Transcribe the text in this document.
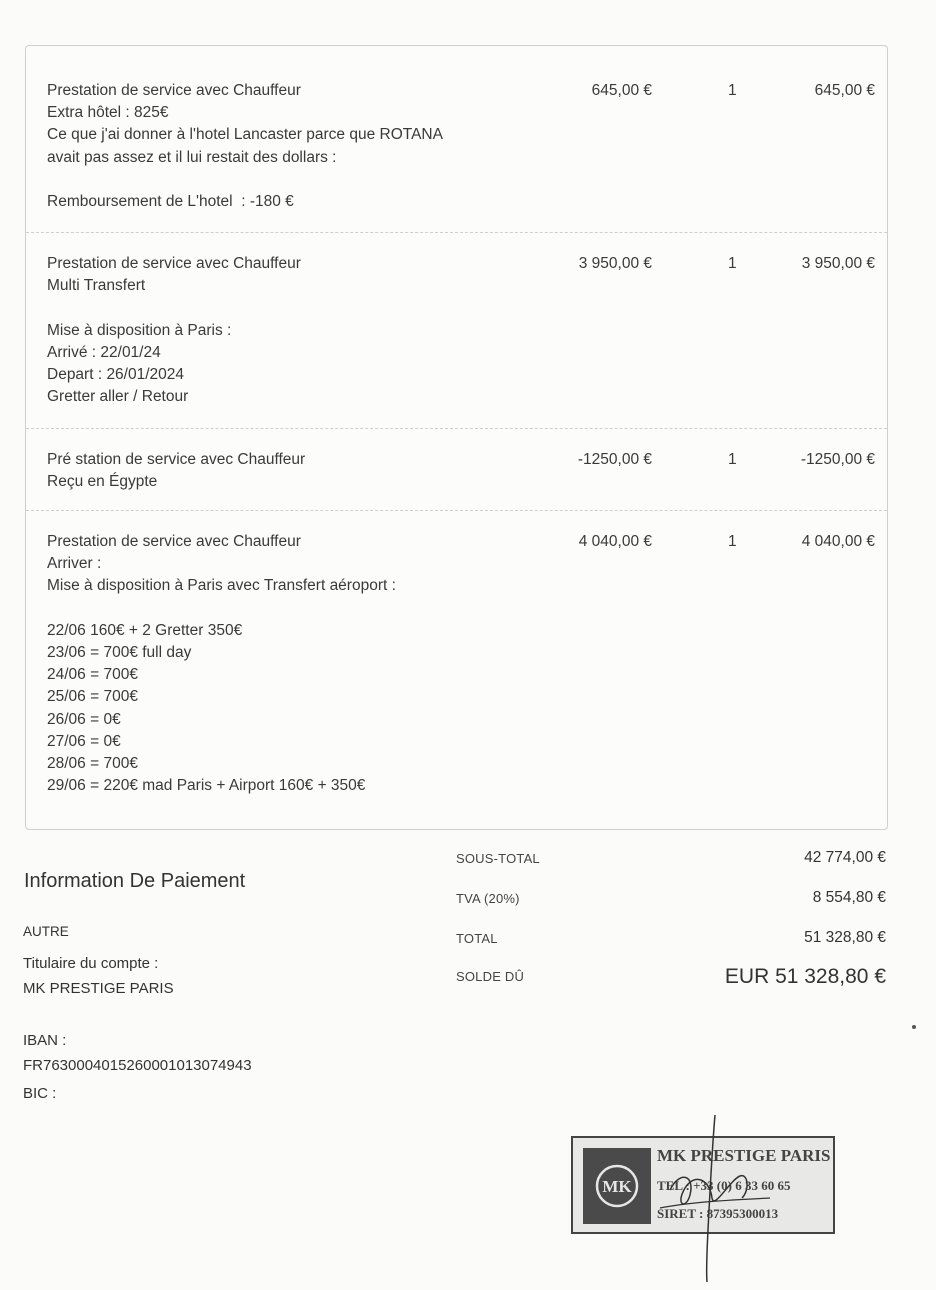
Prestation de service avec Chauffeur
Extra hôtel : 825€
Ce que j'ai donner à l'hotel Lancaster parce que ROTANA
avait pas assez et il lui restait des dollars :
Remboursement de L'hotel  : -180 €
645,00 €	1	645,00 €
Prestation de service avec Chauffeur
Multi Transfert
Mise à disposition à Paris :
Arrivé : 22/01/24
Depart : 26/01/2024
Gretter aller / Retour
3 950,00 €	1	3 950,00 €
Pré station de service avec Chauffeur
Reçu en Égypte
-1250,00 €	1	-1250,00 €
Prestation de service avec Chauffeur
Arriver :
Mise à disposition à Paris avec Transfert aéroport :
22/06 160€ + 2 Gretter 350€
23/06 = 700€ full day
24/06 = 700€
25/06 = 700€
26/06 = 0€
27/06 = 0€
28/06 = 700€
29/06 = 220€ mad Paris + Airport 160€ + 350€
4 040,00 €	1	4 040,00 €
Information De Paiement
AUTRE
Titulaire du compte :
MK PRESTIGE PARIS
IBAN :
FR7630004015260001013074943
BIC :
SOUS-TOTAL	42 774,00 €
TVA (20%)	8 554,80 €
TOTAL	51 328,80 €
SOLDE DÛ	EUR 51 328,80 €
MK
MK PRESTIGE PARIS
TEL : +33 (0) 6 33 60 65
SIRET : 87395300013
